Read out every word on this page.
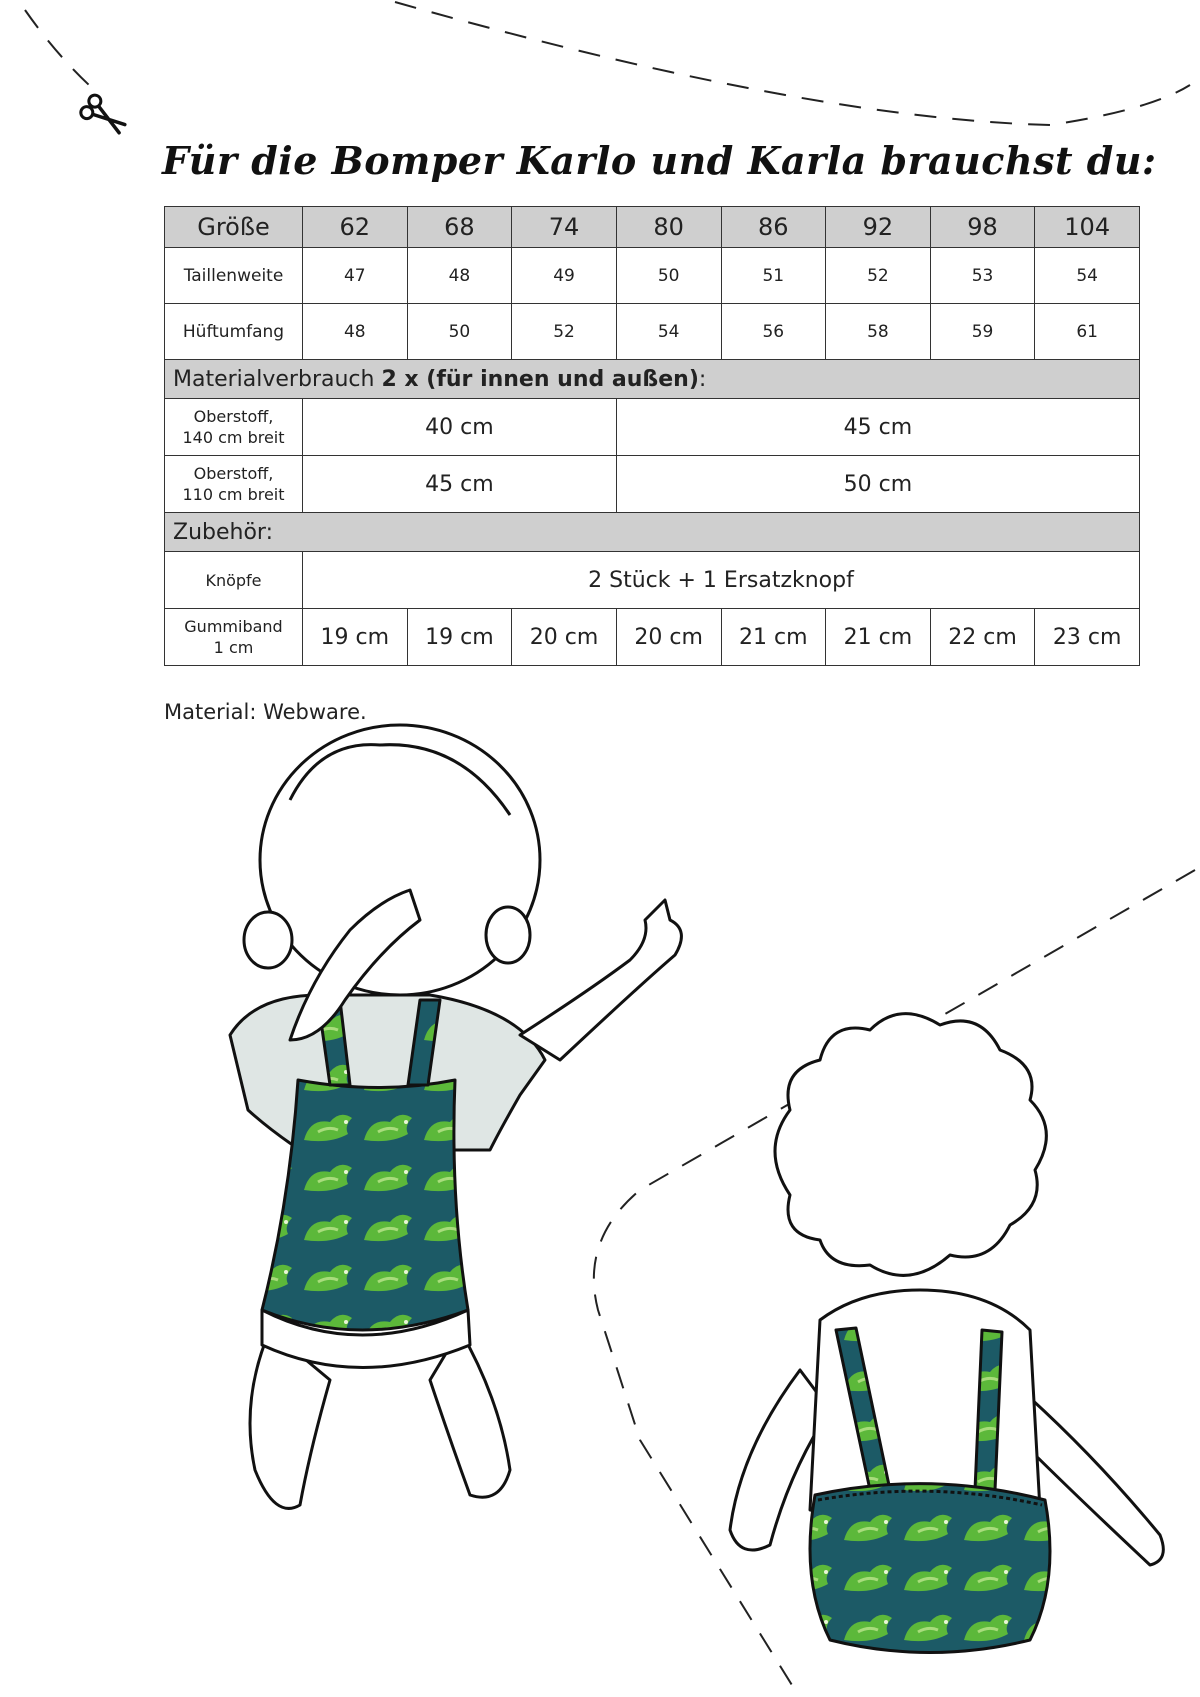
Für die Bomper Karlo und Karla brauchst du:
Größe	62	68	74	80	86	92	98	104
Taillenweite	47	48	49	50	51	52	53	54
Hüftumfang	48	50	52	54	56	58	59	61
Materialverbrauch 2 x (für innen und außen):								
Oberstoff,
140 cm breit	40 cm			45 cm				
Oberstoff,
110 cm breit	45 cm			50 cm				
Zubehör:								
Knöpfe	2 Stück + 1 Ersatzknopf							
Gummiband
1 cm	19 cm	19 cm	20 cm	20 cm	21 cm	21 cm	22 cm	23 cm
Material: Webware.
